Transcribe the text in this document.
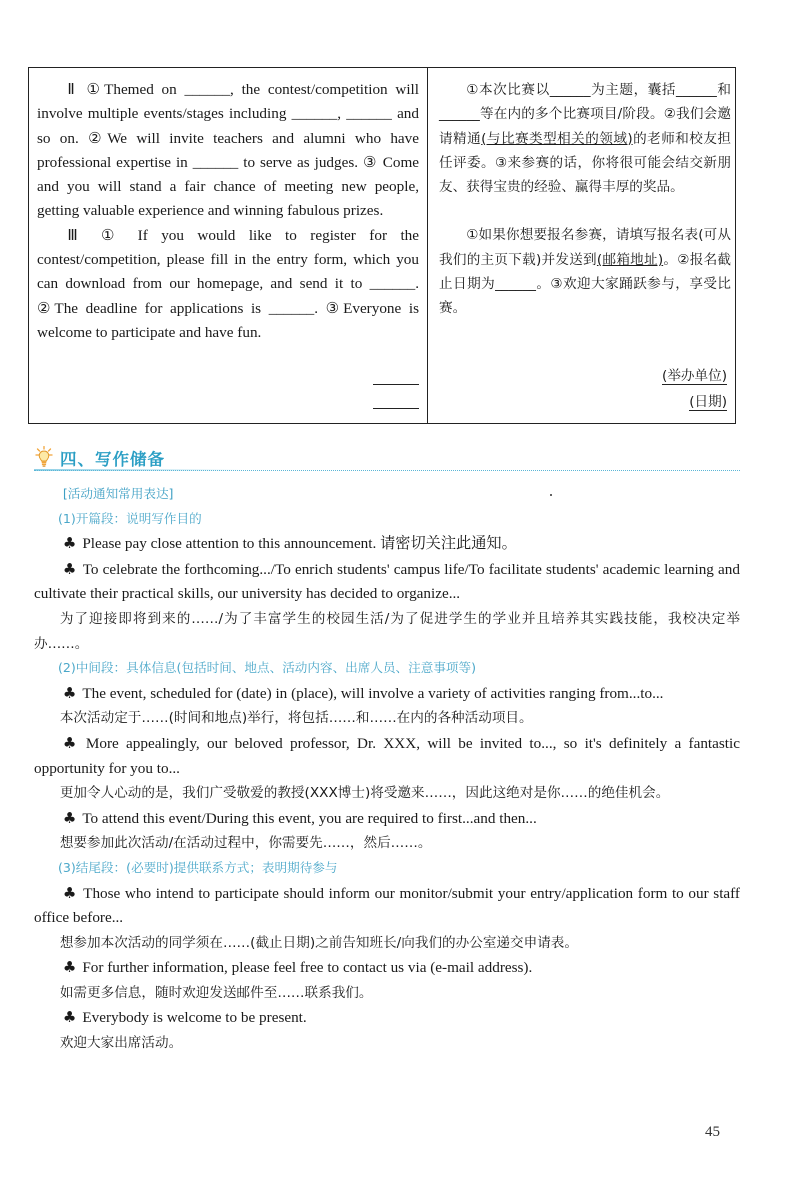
Ⅱ ①Themed on ______, the contest/competition will involve multiple events/stages including ______, ______ and so on. ②We will invite teachers and alumni who have professional expertise in ______ to serve as judges. ③ Come and you will stand a fair chance of meeting new people, getting valuable experience and winning fabulous prizes.

Ⅲ ① If you would like to register for the contest/competition, please fill in the entry form, which you can download from our homepage, and send it to ______. ②The deadline for applications is ______. ③Everyone is welcome to participate and have fun.

①本次比赛以______为主题，囊括______和______等在内的多个比赛项目/阶段。②我们会邀请精通(与比赛类型相关的领域)的老师和校友担任评委。③来参赛的话，你将很可能会结交新朋友、获得宝贵的经验、赢得丰厚的奖品。

①如果你想要报名参赛，请填写报名表(可从我们的主页下载)并发送到(邮箱地址)。②报名截止日期为______。③欢迎大家踊跃参与，享受比赛。

(举办单位)
(日期)
四、写作储备

[活动通知常用表达]

(1)开篇段：说明写作目的

♣ Please pay close attention to this announcement. 请密切关注此通知。

♣ To celebrate the forthcoming.../To enrich students' campus life/To facilitate students' academic learning and cultivate their practical skills, our university has decided to organize...

为了迎接即将到来的……/为了丰富学生的校园生活/为了促进学生的学业并且培养其实践技能，我校决定举办……。

(2)中间段：具体信息(包括时间、地点、活动内容、出席人员、注意事项等)

♣ The event, scheduled for (date) in (place), will involve a variety of activities ranging from...to...

本次活动定于……(时间和地点)举行，将包括……和……在内的各种活动项目。

♣ More appealingly, our beloved professor, Dr. XXX, will be invited to..., so it's definitely a fantastic opportunity for you to...

更加令人心动的是，我们广受敬爱的教授(XXX博士)将受邀来……，因此这绝对是你……的绝佳机会。

♣ To attend this event/During this event, you are required to first...and then...

想要参加此次活动/在活动过程中，你需要先……，然后……。

(3)结尾段：(必要时)提供联系方式；表明期待参与

♣ Those who intend to participate should inform our monitor/submit your entry/application form to our staff office before...

想参加本次活动的同学须在……(截止日期)之前告知班长/向我们的办公室递交申请表。

♣ For further information, please feel free to contact us via (e-mail address).

如需更多信息，随时欢迎发送邮件至……联系我们。

♣ Everybody is welcome to be present.

欢迎大家出席活动。

45
